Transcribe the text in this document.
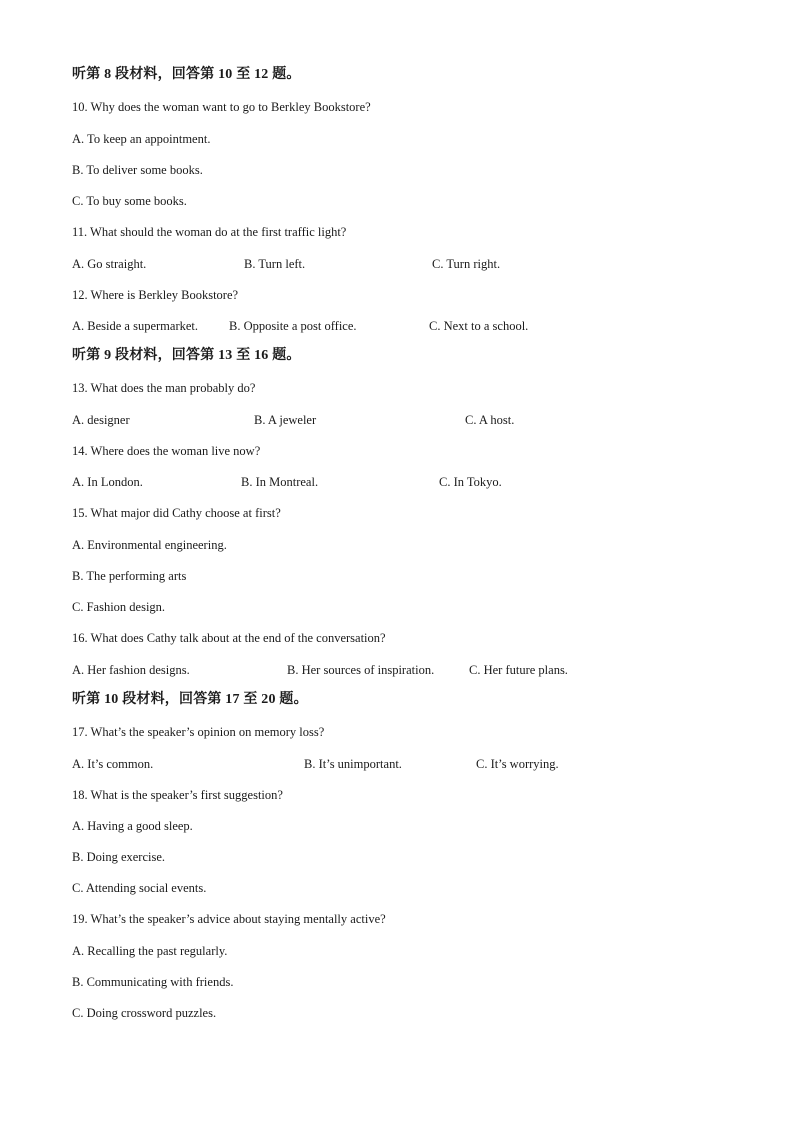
听第 8 段材料，回答第 10 至 12 题。
10. Why does the woman want to go to Berkley Bookstore?
A. To keep an appointment.
B. To deliver some books.
C. To buy some books.
11. What should the woman do at the first traffic light?
A. Go straight.	B. Turn left.	C. Turn right.
12. Where is Berkley Bookstore?
A. Beside a supermarket. B. Opposite a post office.	C. Next to a school.
听第 9 段材料，回答第 13 至 16 题。
13. What does the man probably do?
A. designer	B. A jeweler	C. A host.
14. Where does the woman live now?
A. In London.	B. In Montreal.	C. In Tokyo.
15. What major did Cathy choose at first?
A. Environmental engineering.
B. The performing arts
C. Fashion design.
16. What does Cathy talk about at the end of the conversation?
A. Her fashion designs.	B. Her sources of inspiration.	C. Her future plans.
听第 10 段材料，回答第 17 至 20 题。
17. What’s the speaker’s opinion on memory loss?
A. It’s common.	B. It’s unimportant.	C. It’s worrying.
18. What is the speaker’s first suggestion?
A. Having a good sleep.
B. Doing exercise.
C. Attending social events.
19. What’s the speaker’s advice about staying mentally active?
A. Recalling the past regularly.
B. Communicating with friends.
C. Doing crossword puzzles.
